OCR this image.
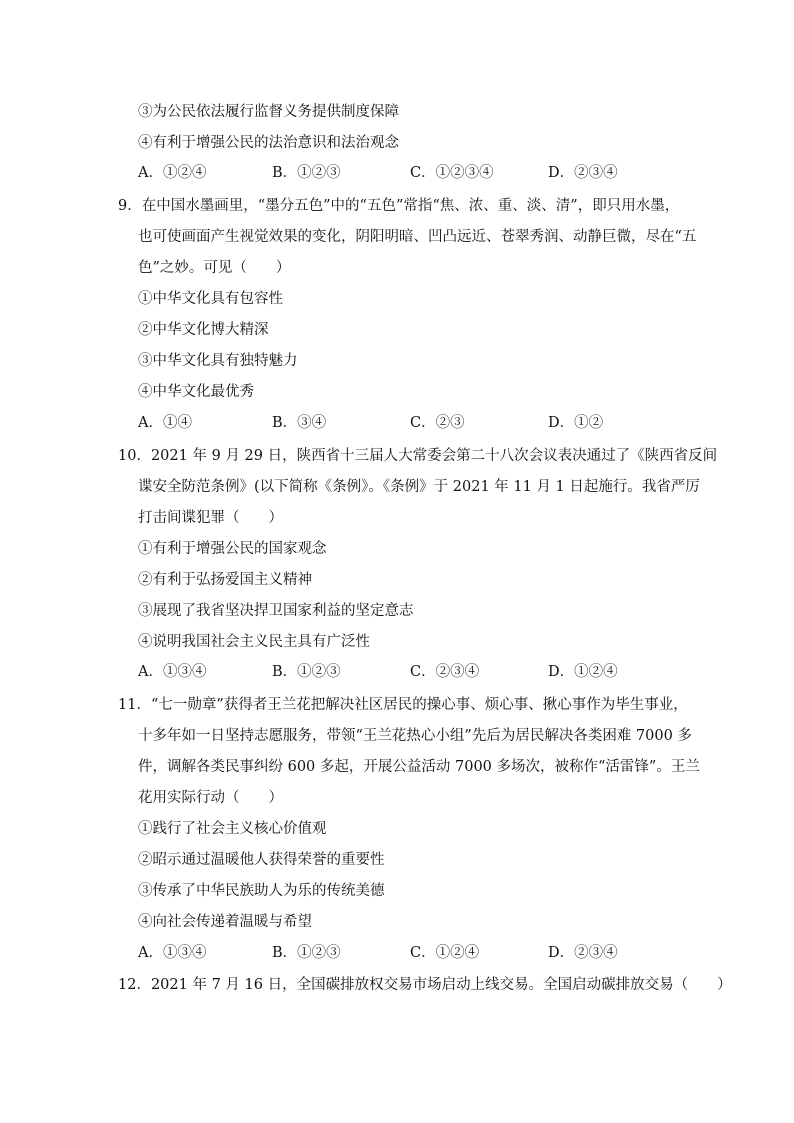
③为公民依法履行监督义务提供制度保障
④有利于增强公民的法治意识和法治观念
A．①②④	B．①②③	C．①②③④	D．②③④
9．在中国水墨画里，“墨分五色”中的“五色”常指“焦、浓、重、淡、清”，即只用水墨，
也可使画面产生视觉效果的变化，阴阳明暗、凹凸远近、苍翠秀润、动静巨微，尽在“五
色”之妙。可见（　　）
①中华文化具有包容性
②中华文化博大精深
③中华文化具有独特魅力
④中华文化最优秀
A．①④	B．③④	C．②③	D．①②
10．2021 年 9 月 29 日，陕西省十三届人大常委会第二十八次会议表决通过了《陕西省反间
谍安全防范条例》(以下简称《条例》。《条例》于 2021 年 11 月 1 日起施行。我省严厉
打击间谍犯罪（　　）
①有利于增强公民的国家观念
②有利于弘扬爱国主义精神
③展现了我省坚决捍卫国家利益的坚定意志
④说明我国社会主义民主具有广泛性
A．①③④	B．①②③	C．②③④	D．①②④
11．“七一勋章”获得者王兰花把解决社区居民的操心事、烦心事、揪心事作为毕生事业，
十多年如一日坚持志愿服务，带领“王兰花热心小组”先后为居民解决各类困难 7000 多
件，调解各类民事纠纷 600 多起，开展公益活动 7000 多场次，被称作“活雷锋”。王兰
花用实际行动（　　）
①践行了社会主义核心价值观
②昭示通过温暖他人获得荣誉的重要性
③传承了中华民族助人为乐的传统美德
④向社会传递着温暖与希望
A．①③④	B．①②③	C．①②④	D．②③④
12．2021 年 7 月 16 日，全国碳排放权交易市场启动上线交易。全国启动碳排放交易（　　）
